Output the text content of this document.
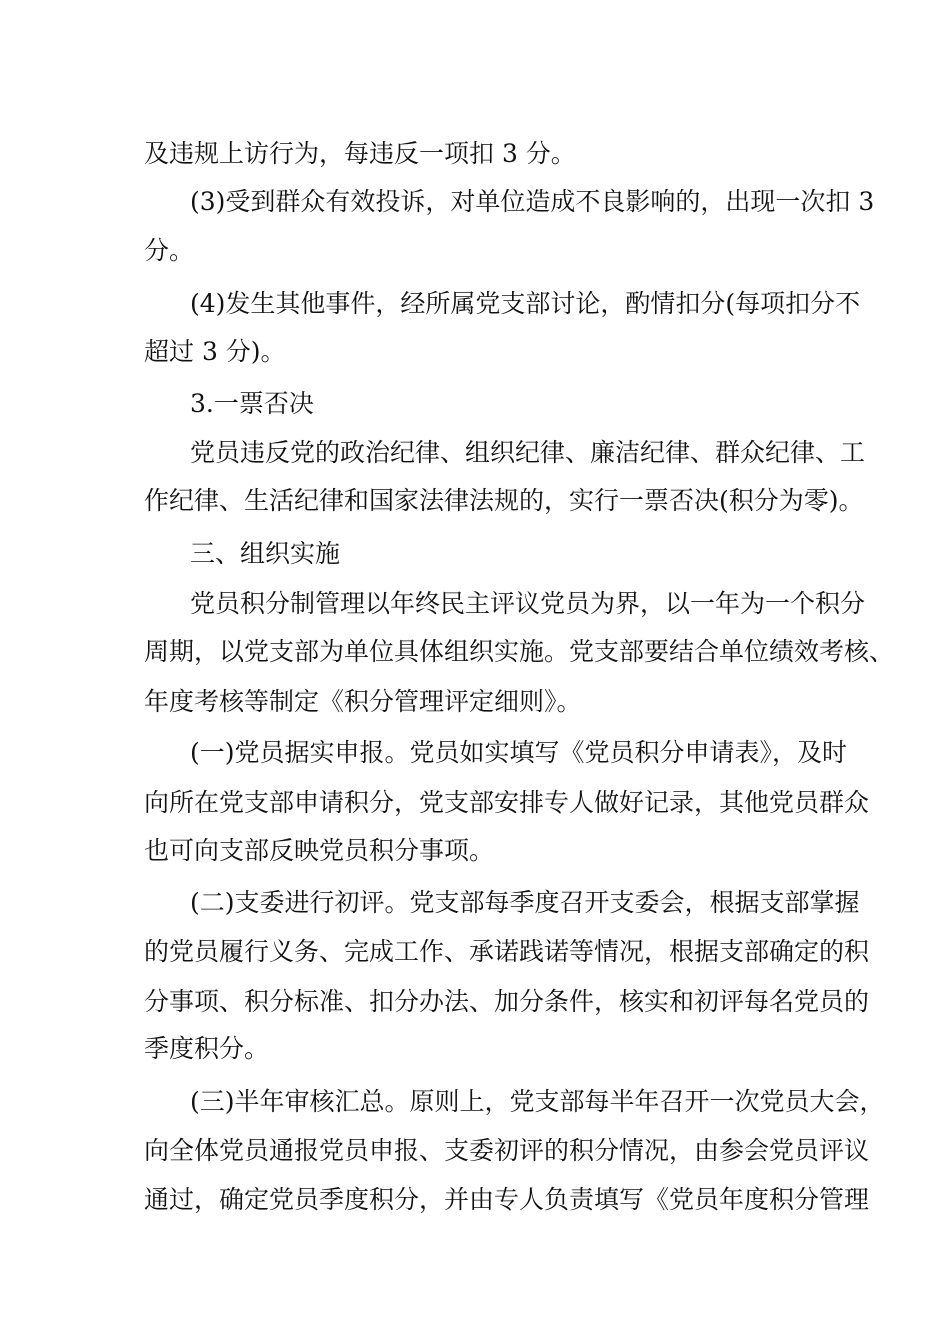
及违规上访行为，每违反一项扣 3 分。
(3)受到群众有效投诉，对单位造成不良影响的，出现一次扣 3
分。
(4)发生其他事件，经所属党支部讨论，酌情扣分(每项扣分不
超过 3 分)。
3.一票否决
党员违反党的政治纪律、组织纪律、廉洁纪律、群众纪律、工
作纪律、生活纪律和国家法律法规的，实行一票否决(积分为零)。
三、组织实施
党员积分制管理以年终民主评议党员为界，以一年为一个积分
周期，以党支部为单位具体组织实施。党支部要结合单位绩效考核、
年度考核等制定《积分管理评定细则》。
(一)党员据实申报。党员如实填写《党员积分申请表》，及时
向所在党支部申请积分，党支部安排专人做好记录，其他党员群众
也可向支部反映党员积分事项。
(二)支委进行初评。党支部每季度召开支委会，根据支部掌握
的党员履行义务、完成工作、承诺践诺等情况，根据支部确定的积
分事项、积分标准、扣分办法、加分条件，核实和初评每名党员的
季度积分。
(三)半年审核汇总。原则上，党支部每半年召开一次党员大会，
向全体党员通报党员申报、支委初评的积分情况，由参会党员评议
通过，确定党员季度积分，并由专人负责填写《党员年度积分管理
